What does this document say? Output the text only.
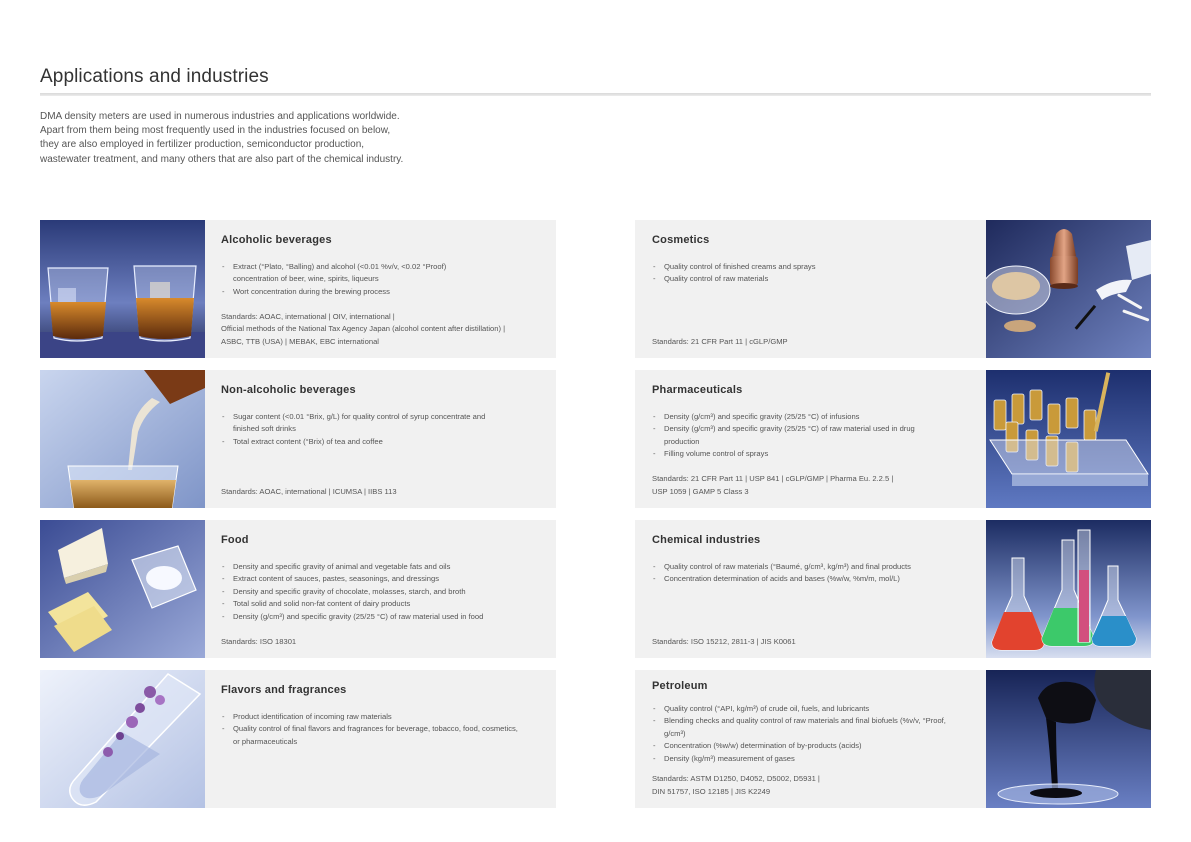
Applications and industries

DMA density meters are used in numerous industries and applications worldwide.

Apart from them being most frequently used in the industries focused on below,

they are also employed in fertilizer production, semiconductor production,

wastewater treatment, and many others that are also part of the chemical industry.

Alcoholic beverages
- Extract (°Plato, °Balling) and alcohol (<0.01 %v/v, <0.02 °Proof) concentration of beer, wine, spirits, liqueurs
- Wort concentration during the brewing process
Standards: AOAC, international | OIV, international |
Official methods of the National Tax Agency Japan (alcohol content after distillation) |
ASBC, TTB (USA) | MEBAK, EBC international
Non-alcoholic beverages
- Sugar content (<0.01 °Brix, g/L) for quality control of syrup concentrate and finished soft drinks
- Total extract content (°Brix) of tea and coffee
Standards: AOAC, international | ICUMSA | IIBS 113
Food
- Density and specific gravity of animal and vegetable fats and oils
- Extract content of sauces, pastes, seasonings, and dressings
- Density and specific gravity of chocolate, molasses, starch, and broth
- Total solid and solid non-fat content of dairy products
- Density (g/cm³) and specific gravity (25/25 °C) of raw material used in food
Standards: ISO 18301
Flavors and fragrances
- Product identification of incoming raw materials
- Quality control of final flavors and fragrances for beverage, tobacco, food, cosmetics, or pharmaceuticals
Cosmetics
- Quality control of finished creams and sprays
- Quality control of raw materials
Standards: 21 CFR Part 11 | cGLP/GMP
Pharmaceuticals
- Density (g/cm³) and specific gravity (25/25 °C) of infusions
- Density (g/cm³) and specific gravity (25/25 °C) of raw material used in drug production
- Filling volume control of sprays
Standards: 21 CFR Part 11 | USP 841 | cGLP/GMP | Pharma Eu. 2.2.5 |
USP 1059 | GAMP 5 Class 3
Chemical industries
- Quality control of raw materials (°Baumé, g/cm³, kg/m³) and final products
- Concentration determination of acids and bases (%w/w, %m/m, mol/L)
Standards: ISO 15212, 2811-3 | JIS K0061
Petroleum
- Quality control (°API, kg/m³) of crude oil, fuels, and lubricants
- Blending checks and quality control of raw materials and final biofuels (%v/v, °Proof, g/cm³)
- Concentration (%w/w) determination of by-products (acids)
- Density (kg/m³) measurement of gases
Standards: ASTM D1250, D4052, D5002, D5931 |
DIN 51757, ISO 12185 | JIS K2249
